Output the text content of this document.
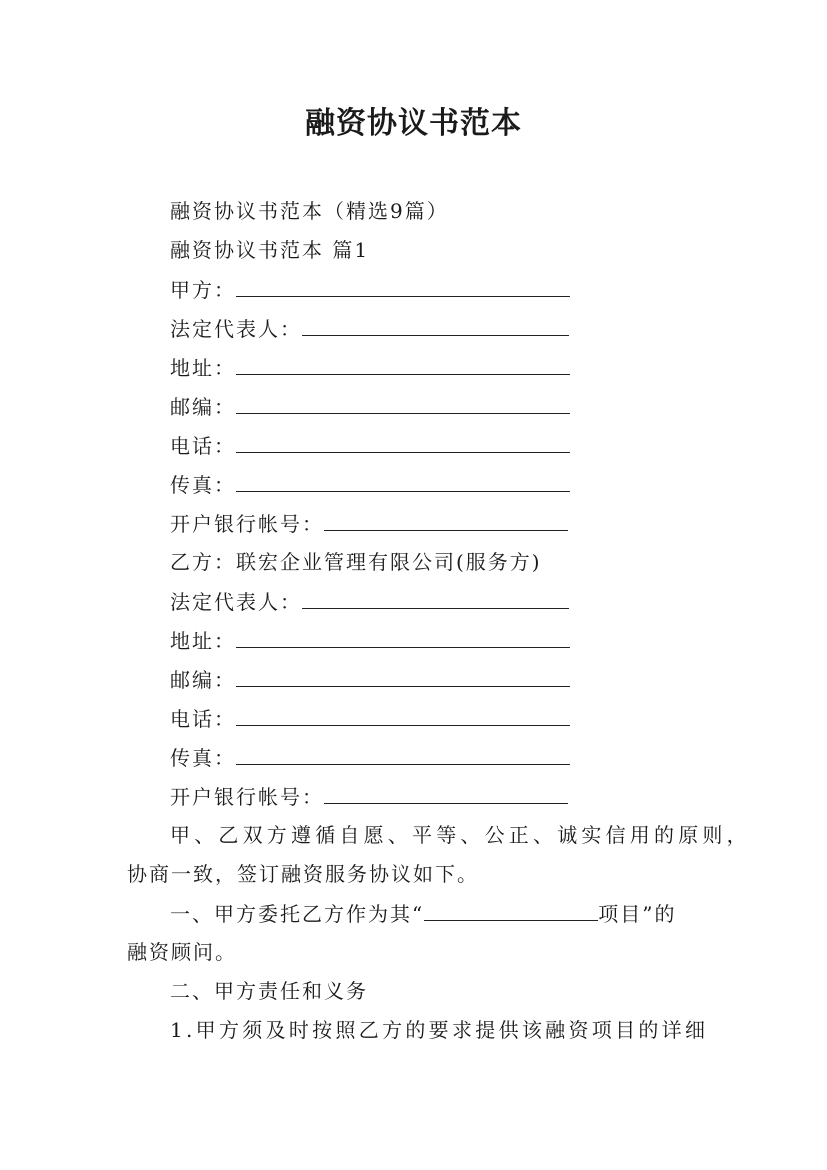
融资协议书范本
融资协议书范本（精选9篇）
融资协议书范本 篇1
甲方：
法定代表人：
地址：
邮编：
电话：
传真：
开户银行帐号：
乙方：联宏企业管理有限公司(服务方)
法定代表人：
地址：
邮编：
电话：
传真：
开户银行帐号：
甲、乙双方遵循自愿、平等、公正、诚实信用的原则，
协商一致，签订融资服务协议如下。
一、甲方委托乙方作为其“	项目”的
融资顾问。
二、甲方责任和义务
1.甲方须及时按照乙方的要求提供该融资项目的详细
